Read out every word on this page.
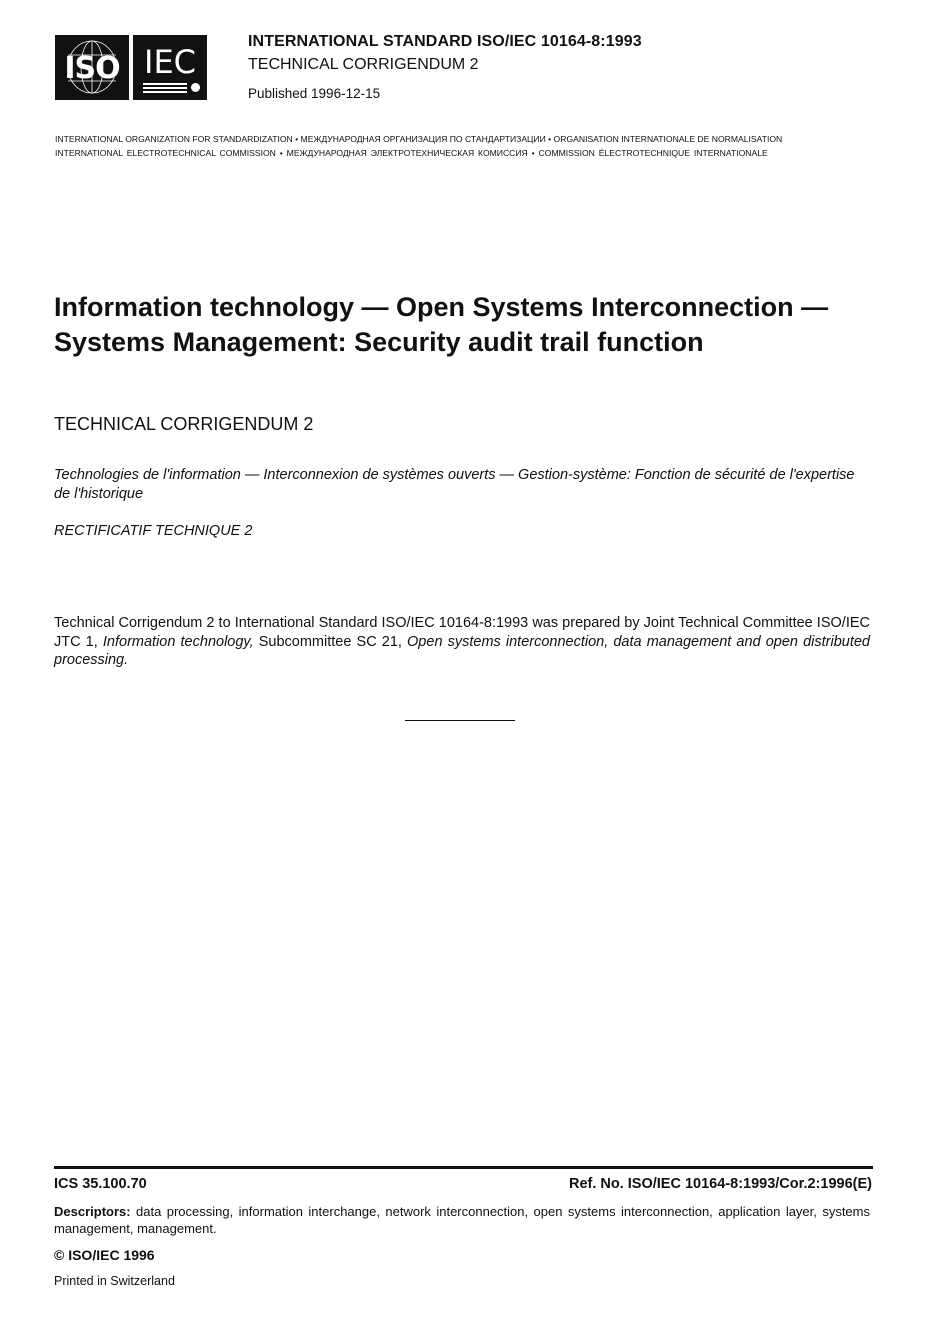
ISO IEC
INTERNATIONAL STANDARD ISO/IEC 10164-8:1993
TECHNICAL CORRIGENDUM 2
Published 1996-12-15
INTERNATIONAL ORGANIZATION FOR STANDARDIZATION • МЕЖДУНАРОДНАЯ ОРГАНИЗАЦИЯ ПО СТАНДАРТИЗАЦИИ • ORGANISATION INTERNATIONALE DE NORMALISATION
INTERNATIONAL ELECTROTECHNICAL COMMISSION • МЕЖДУНАРОДНАЯ ЭЛЕКТРОТЕХНИЧЕСКАЯ КОМИССИЯ • COMMISSION ÉLECTROTECHNIQUE INTERNATIONALE
Information technology — Open Systems Interconnection — Systems Management: Security audit trail function
TECHNICAL CORRIGENDUM 2
Technologies de l'information — Interconnexion de systèmes ouverts — Gestion-système: Fonction de sécurité de l'expertise de l'historique
RECTIFICATIF TECHNIQUE 2
Technical Corrigendum 2 to International Standard ISO/IEC 10164-8:1993 was prepared by Joint Technical Committee ISO/IEC JTC 1, Information technology, Subcommittee SC 21, Open systems interconnection, data management and open distributed processing.
ICS 35.100.70	Ref. No. ISO/IEC 10164-8:1993/Cor.2:1996(E)
Descriptors: data processing, information interchange, network interconnection, open systems interconnection, application layer, systems management, management.
© ISO/IEC 1996
Printed in Switzerland
